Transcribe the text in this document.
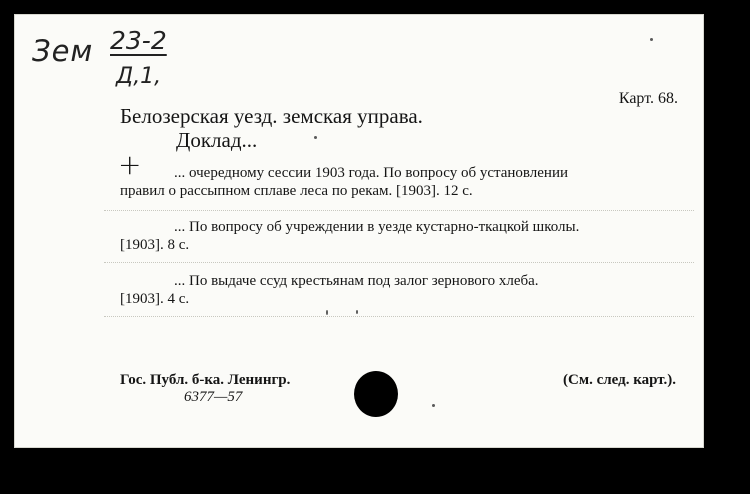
Зем 23-2
Д,1,
Карт. 68.
Белозерская уезд. земская управа.
Доклад...
+	... очередному сессии 1903 года. По вопросу об установлении

правил о рассыпном сплаве леса по рекам. [1903]. 12 с.

... По вопросу об учреждении в уезде кустарно-ткацкой школы.

[1903]. 8 с.

... По выдаче ссуд крестьянам под залог зернового хлеба.

[1903]. 4 с.

Гос. Публ. б-ка. Ленингр.
6377—57
(См. след. карт.).
